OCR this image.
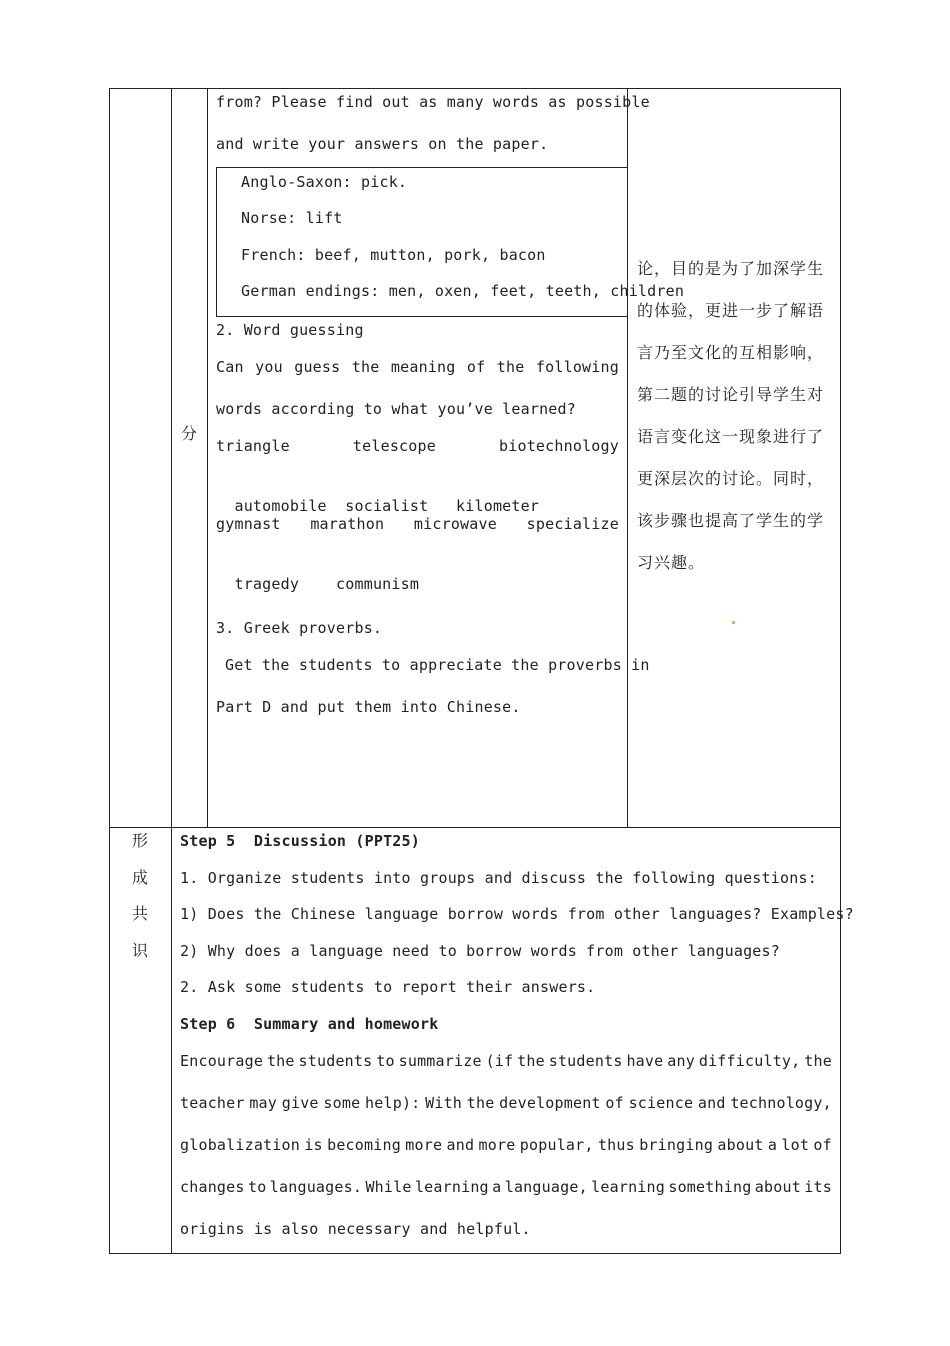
分
from? Please find out as many words as possible
and write your answers on the paper.
Anglo-Saxon: pick.
Norse: lift
French: beef, mutton, pork, bacon
German endings: men, oxen, feet, teeth, children
2. Word guessing
Can you guess the meaning of the following
words according to what you’ve learned?
triangle	telescope	biotechnology

automobile socialist kilometer

gymnast marathon microwave specialize

tragedy communism

3. Greek proverbs.
Get the students to appreciate the proverbs in
Part D and put them into Chinese.
论，目的是为了加深学生
的体验，更进一步了解语
言乃至文化的互相影响，
第二题的讨论引导学生对
语言变化这一现象进行了
更深层次的讨论。同时，
该步骤也提高了学生的学
习兴趣。
形
成
共
识
Step 5  Discussion (PPT25)
1. Organize students into groups and discuss the following questions:
1) Does the Chinese language borrow words from other languages? Examples?
2) Why does a language need to borrow words from other languages?
2. Ask some students to report their answers.
Step 6  Summary and homework
Encourage the students to summarize (if the students have any difficulty, the
teacher may give some help): With the development of science and technology,
globalization is becoming more and more popular, thus bringing about a lot of
changes to languages. While learning a language, learning something about its
origins is also necessary and helpful.
